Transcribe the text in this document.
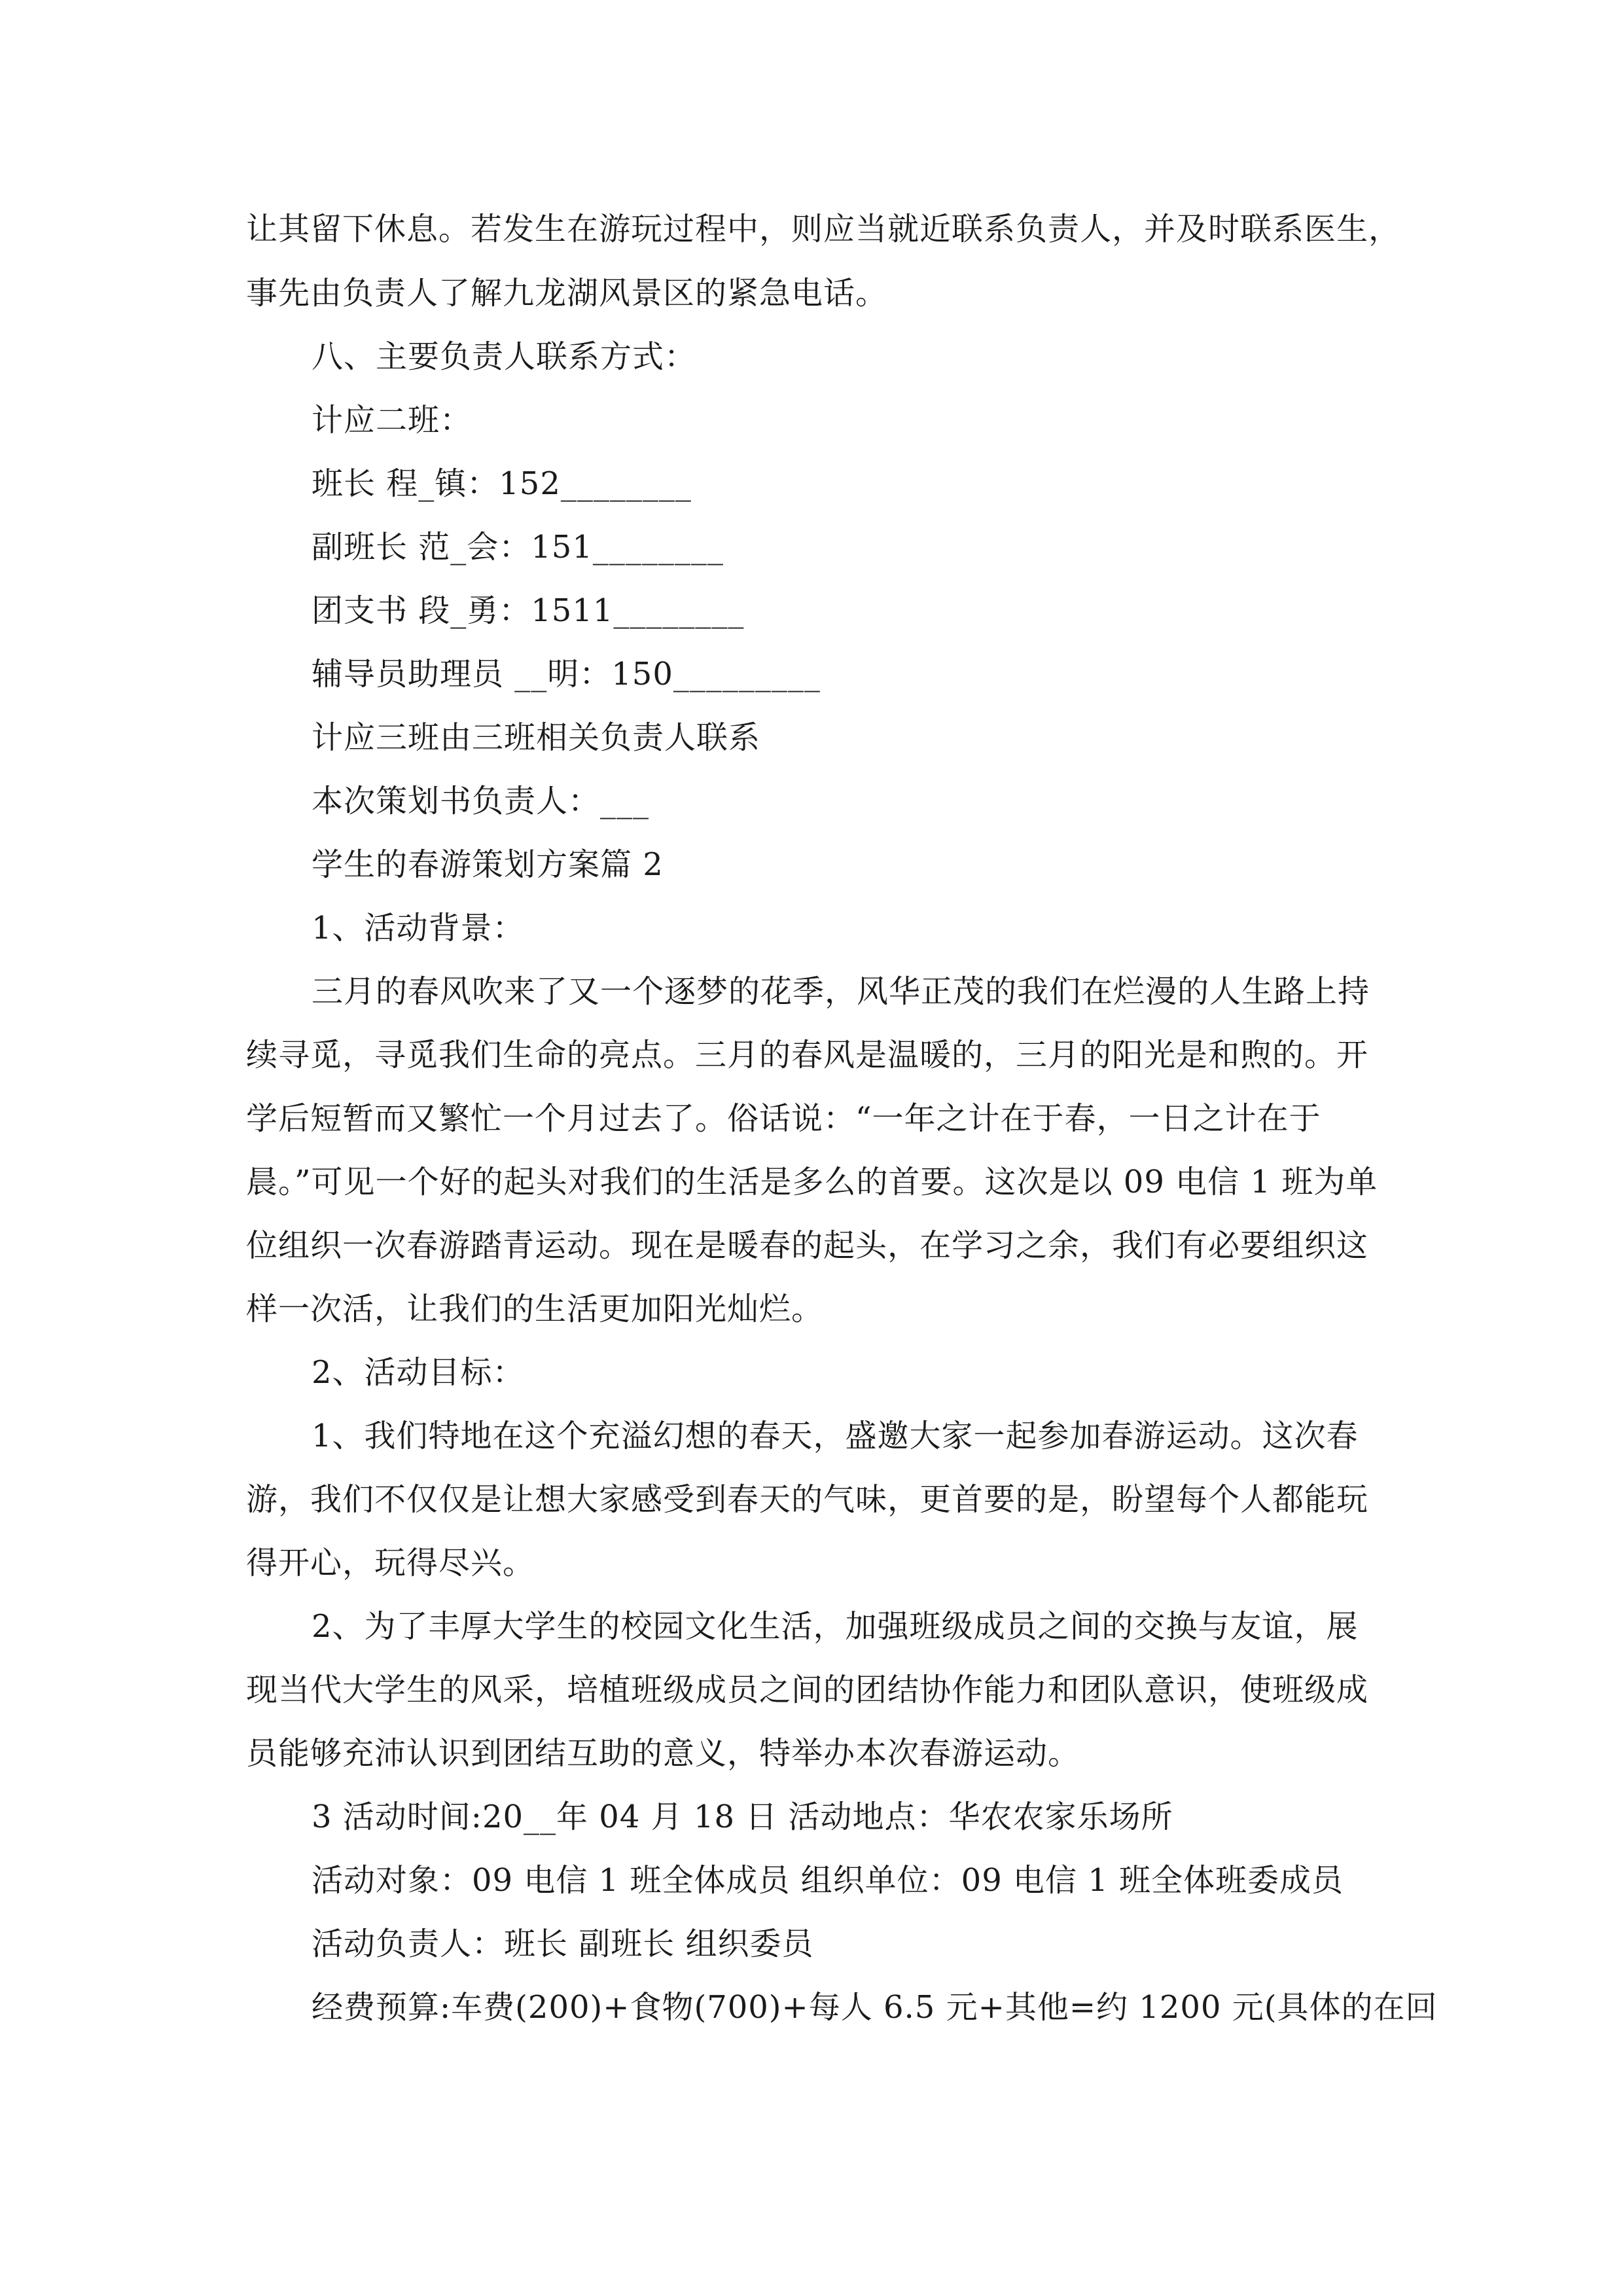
让其留下休息。若发生在游玩过程中，则应当就近联系负责人，并及时联系医生，
事先由负责人了解九龙湖风景区的紧急电话。
八、主要负责人联系方式：
计应二班：
班长 程_镇：152________
副班长 范_会：151________
团支书 段_勇：1511________
辅导员助理员 __明：150_________
计应三班由三班相关负责人联系
本次策划书负责人：___
学生的春游策划方案篇 2
1、活动背景：
三月的春风吹来了又一个逐梦的花季，风华正茂的我们在烂漫的人生路上持
续寻觅，寻觅我们生命的亮点。三月的春风是温暖的，三月的阳光是和煦的。开
学后短暂而又繁忙一个月过去了。俗话说：“一年之计在于春，一日之计在于
晨。”可见一个好的起头对我们的生活是多么的首要。这次是以 09 电信 1 班为单
位组织一次春游踏青运动。现在是暖春的起头，在学习之余，我们有必要组织这
样一次活，让我们的生活更加阳光灿烂。
2、活动目标：
1、我们特地在这个充溢幻想的春天，盛邀大家一起参加春游运动。这次春
游，我们不仅仅是让想大家感受到春天的气味，更首要的是，盼望每个人都能玩
得开心，玩得尽兴。
2、为了丰厚大学生的校园文化生活，加强班级成员之间的交换与友谊，展
现当代大学生的风采，培植班级成员之间的团结协作能力和团队意识，使班级成
员能够充沛认识到团结互助的意义，特举办本次春游运动。
3 活动时间:20__年 04 月 18 日 活动地点：华农农家乐场所
活动对象：09 电信 1 班全体成员 组织单位：09 电信 1 班全体班委成员
活动负责人：班长 副班长 组织委员
经费预算:车费(200)+食物(700)+每人 6.5 元+其他=约 1200 元(具体的在回
